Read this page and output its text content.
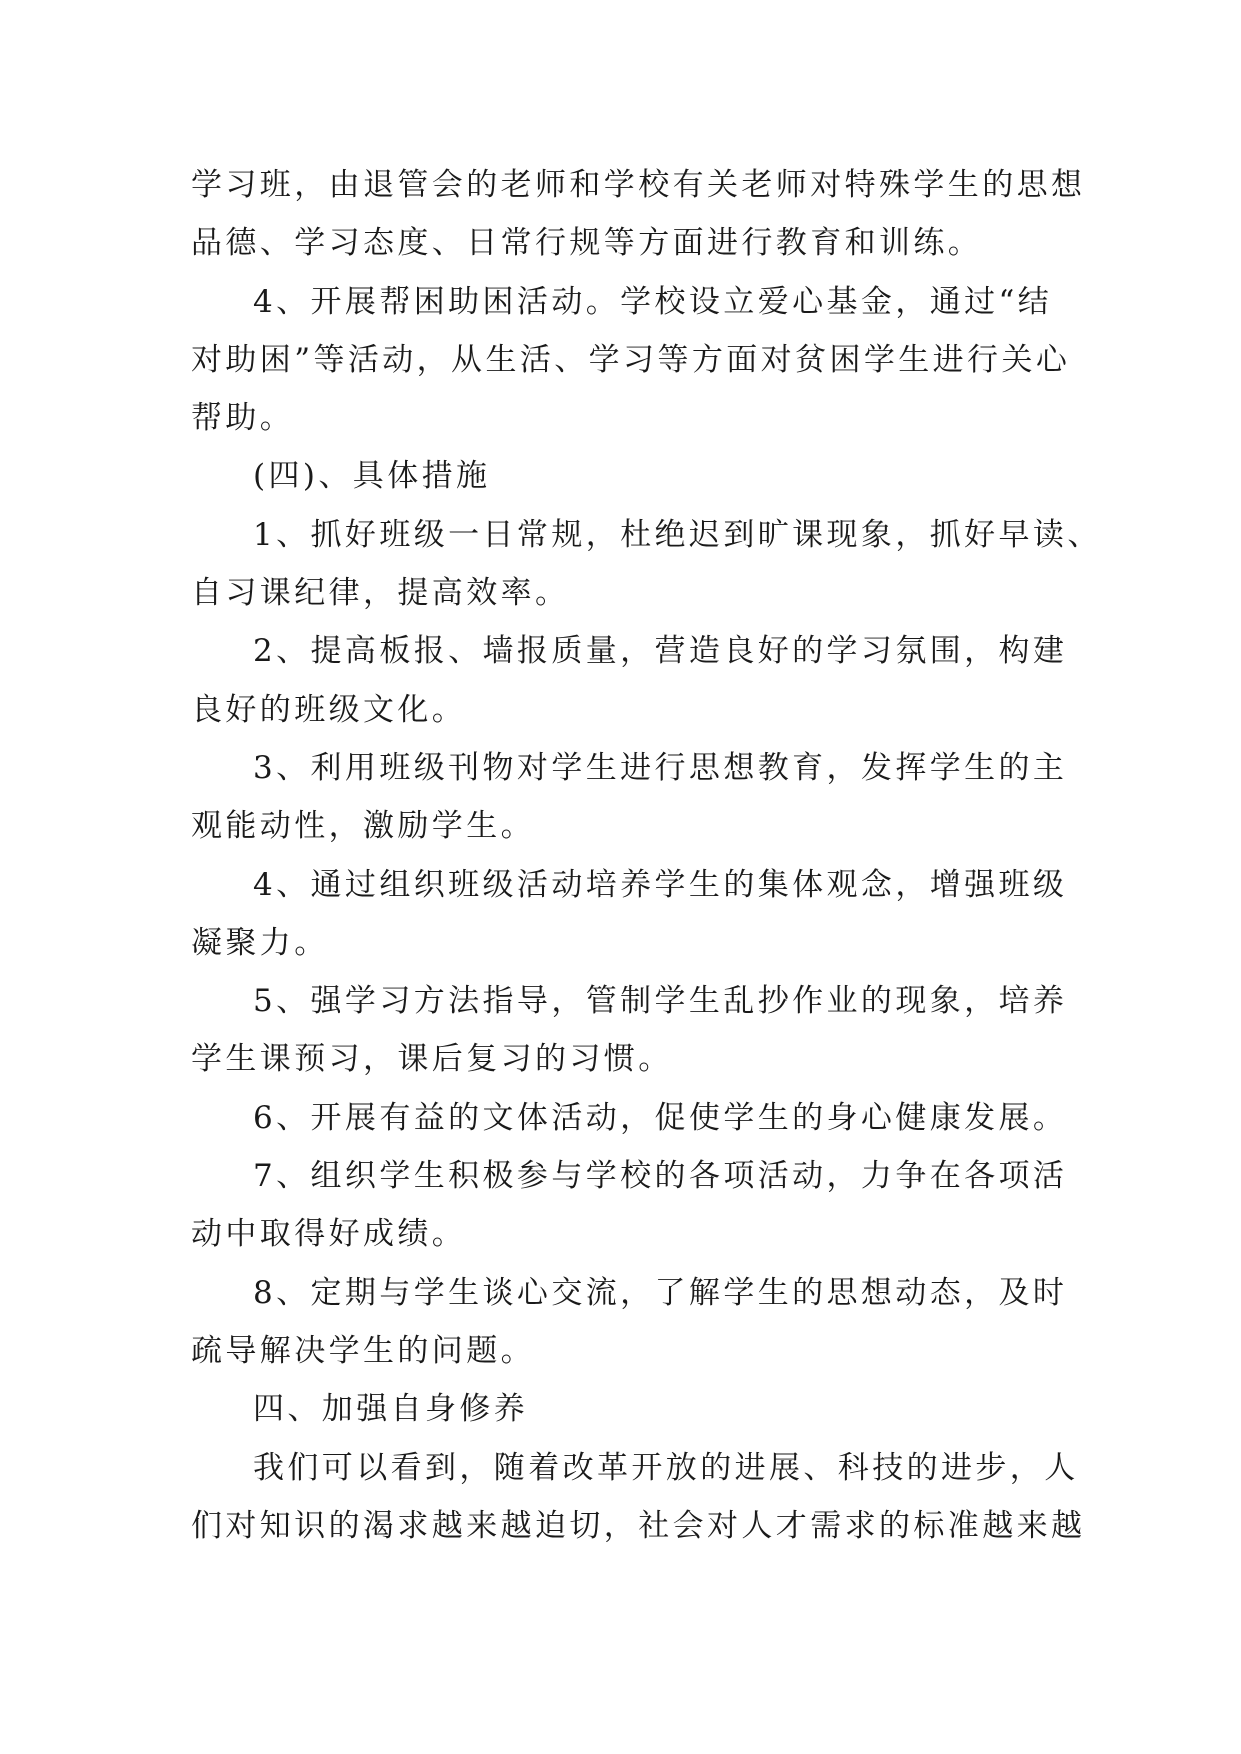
学习班，由退管会的老师和学校有关老师对特殊学生的思想
品德、学习态度、日常行规等方面进行教育和训练。

4、开展帮困助困活动。学校设立爱心基金，通过“结
对助困”等活动，从生活、学习等方面对贫困学生进行关心
帮助。

(四)、具体措施

1、抓好班级一日常规，杜绝迟到旷课现象，抓好早读、
自习课纪律，提高效率。

2、提高板报、墙报质量，营造良好的学习氛围，构建
良好的班级文化。

3、利用班级刊物对学生进行思想教育，发挥学生的主
观能动性，激励学生。

4、通过组织班级活动培养学生的集体观念，增强班级
凝聚力。

5、强学习方法指导，管制学生乱抄作业的现象，培养
学生课预习，课后复习的习惯。

6、开展有益的文体活动，促使学生的身心健康发展。

7、组织学生积极参与学校的各项活动，力争在各项活
动中取得好成绩。

8、定期与学生谈心交流，了解学生的思想动态，及时
疏导解决学生的问题。

四、加强自身修养

我们可以看到，随着改革开放的进展、科技的进步，人
们对知识的渴求越来越迫切，社会对人才需求的标准越来越
